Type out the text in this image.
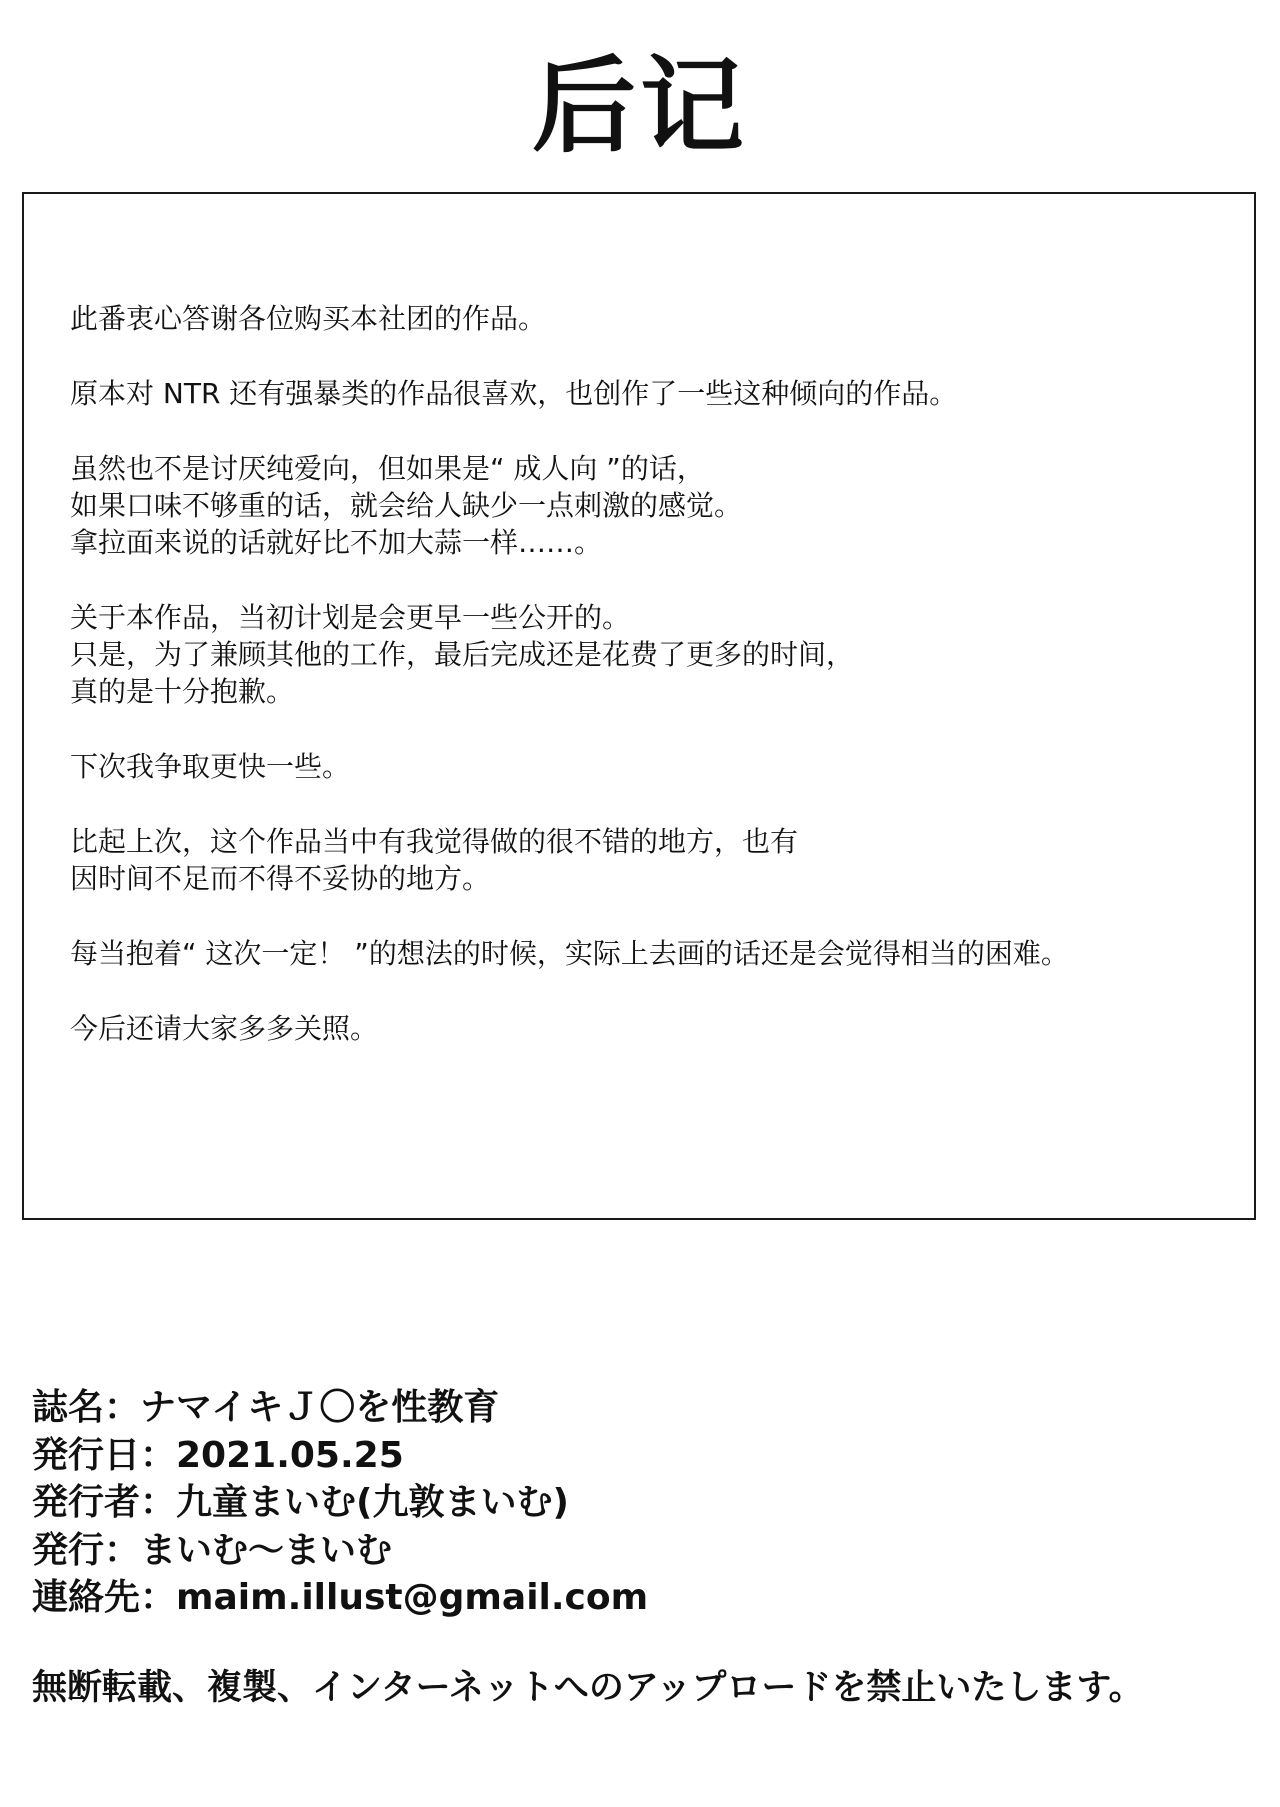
后记
此番衷心答谢各位购买本社团的作品。
原本对 NTR 还有强暴类的作品很喜欢，也创作了一些这种倾向的作品。
虽然也不是讨厌纯爱向，但如果是“ 成人向 ”的话，
如果口味不够重的话，就会给人缺少一点刺激的感觉。
拿拉面来说的话就好比不加大蒜一样……。
关于本作品，当初计划是会更早一些公开的。
只是，为了兼顾其他的工作，最后完成还是花费了更多的时间，
真的是十分抱歉。
下次我争取更快一些。
比起上次，这个作品当中有我觉得做的很不错的地方，也有
因时间不足而不得不妥协的地方。
每当抱着“ 这次一定！ ”的想法的时候，实际上去画的话还是会觉得相当的困难。
今后还请大家多多关照。
誌名：ナマイキＪ〇を性教育
発行日：2021.05.25
発行者：九童まいむ(九敦まいむ)
発行：まいむ～まいむ
連絡先：maim.illust@gmail.com
無断転載、複製、インターネットへのアップロードを禁止いたします。
